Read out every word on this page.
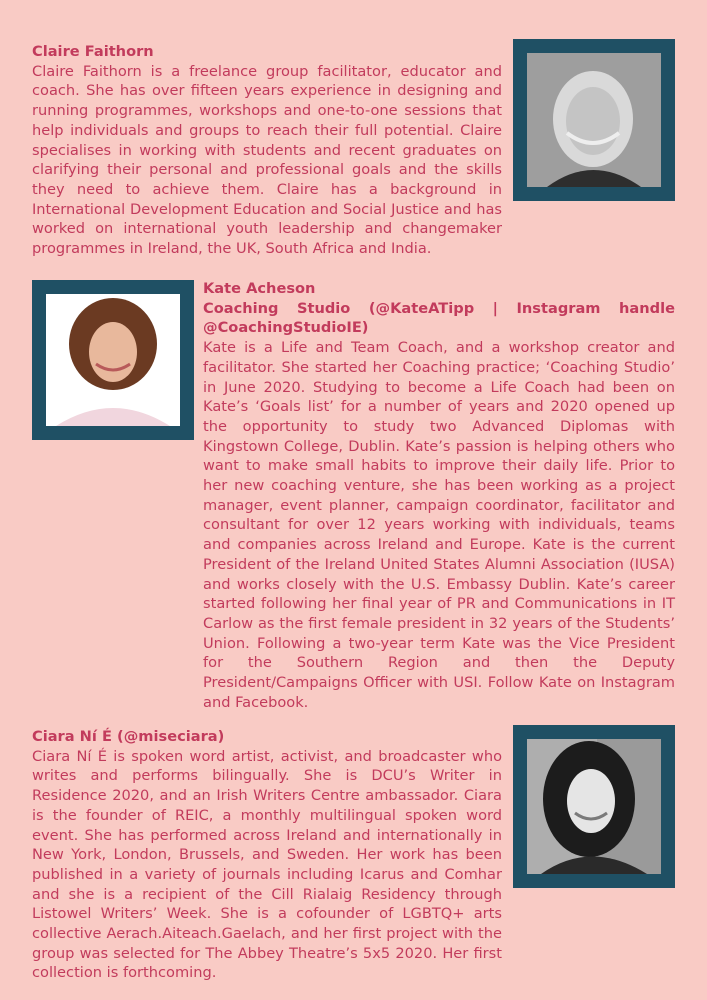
Claire Faithorn
Claire Faithorn is a freelance group facilitator, educator and coach. She has over fifteen years experience in designing and running programmes, workshops and one-to-one sessions that help individuals and groups to reach their full potential. Claire specialises in working with students and recent graduates on clarifying their personal and professional goals and the skills they need to achieve them. Claire has a background in International Development Education and Social Justice and has worked on international youth leadership and changemaker programmes in Ireland, the UK, South Africa and India.

Kate Acheson
Coaching Studio (@KateATipp | Instagram handle @CoachingStudioIE)
Kate is a Life and Team Coach, and a workshop creator and facilitator. She started her Coaching practice; ‘Coaching Studio’ in June 2020. Studying to become a Life Coach had been on Kate’s ‘Goals list’ for a number of years and 2020 opened up the opportunity to study two Advanced Diplomas with Kingstown College, Dublin. Kate’s passion is helping others who want to make small habits to improve their daily life. Prior to her new coaching venture, she has been working as a project manager, event planner, campaign coordinator, facilitator and consultant for over 12 years working with individuals, teams and companies across Ireland and Europe. Kate is the current President of the Ireland United States Alumni Association (IUSA) and works closely with the U.S. Embassy Dublin. Kate’s career started following her final year of PR and Communications in IT Carlow as the first female president in 32 years of the Students’ Union. Following a two-year term Kate was the Vice President for the Southern Region and then the Deputy President/Campaigns Officer with USI. Follow Kate on Instagram and Facebook.

Ciara Ní É (@miseciara)
Ciara Ní É is spoken word artist, activist, and broadcaster who writes and performs bilingually. She is DCU’s Writer in Residence 2020, and an Irish Writers Centre ambassador. Ciara is the founder of REIC, a monthly multilingual spoken word event. She has performed across Ireland and internationally in New York, London, Brussels, and Sweden. Her work has been published in a variety of journals including Icarus and Comhar and she is a recipient of the Cill Rialaig Residency through Listowel Writers’ Week. She is a cofounder of LGBTQ+ arts collective Aerach.Aiteach.Gaelach, and her first project with the group was selected for The Abbey Theatre’s 5x5 2020. Her first collection is forthcoming.
